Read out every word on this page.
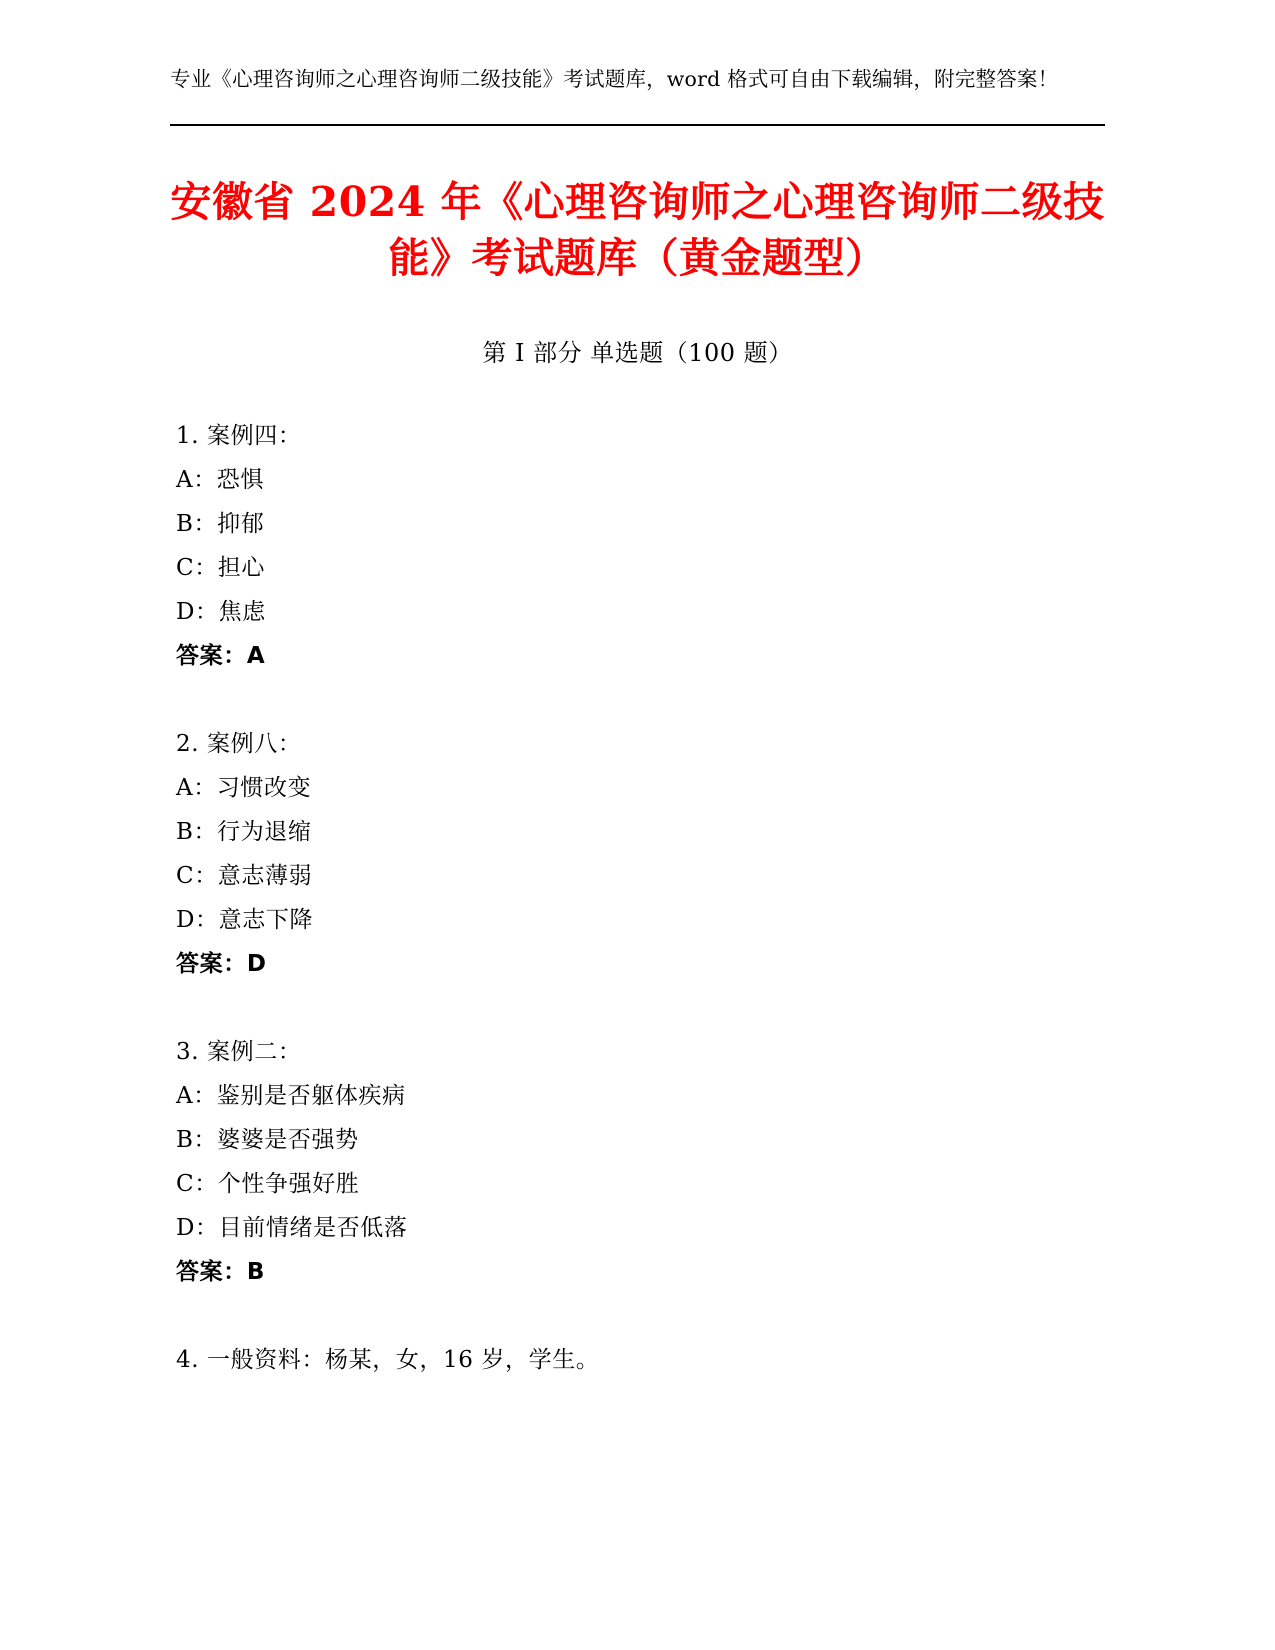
专业《心理咨询师之心理咨询师二级技能》考试题库，word 格式可自由下载编辑，附完整答案！

安徽省 2024 年《心理咨询师之心理咨询师二级技能》考试题库（黄金题型）

第 I 部分 单选题（100 题）

1. 案例四：

A：恐惧

B：抑郁

C：担心

D：焦虑

答案：A

2. 案例八：

A：习惯改变

B：行为退缩

C：意志薄弱

D：意志下降

答案：D

3. 案例二：

A：鉴别是否躯体疾病

B：婆婆是否强势

C：个性争强好胜

D：目前情绪是否低落

答案：B

4. 一般资料：杨某，女，16 岁，学生。
